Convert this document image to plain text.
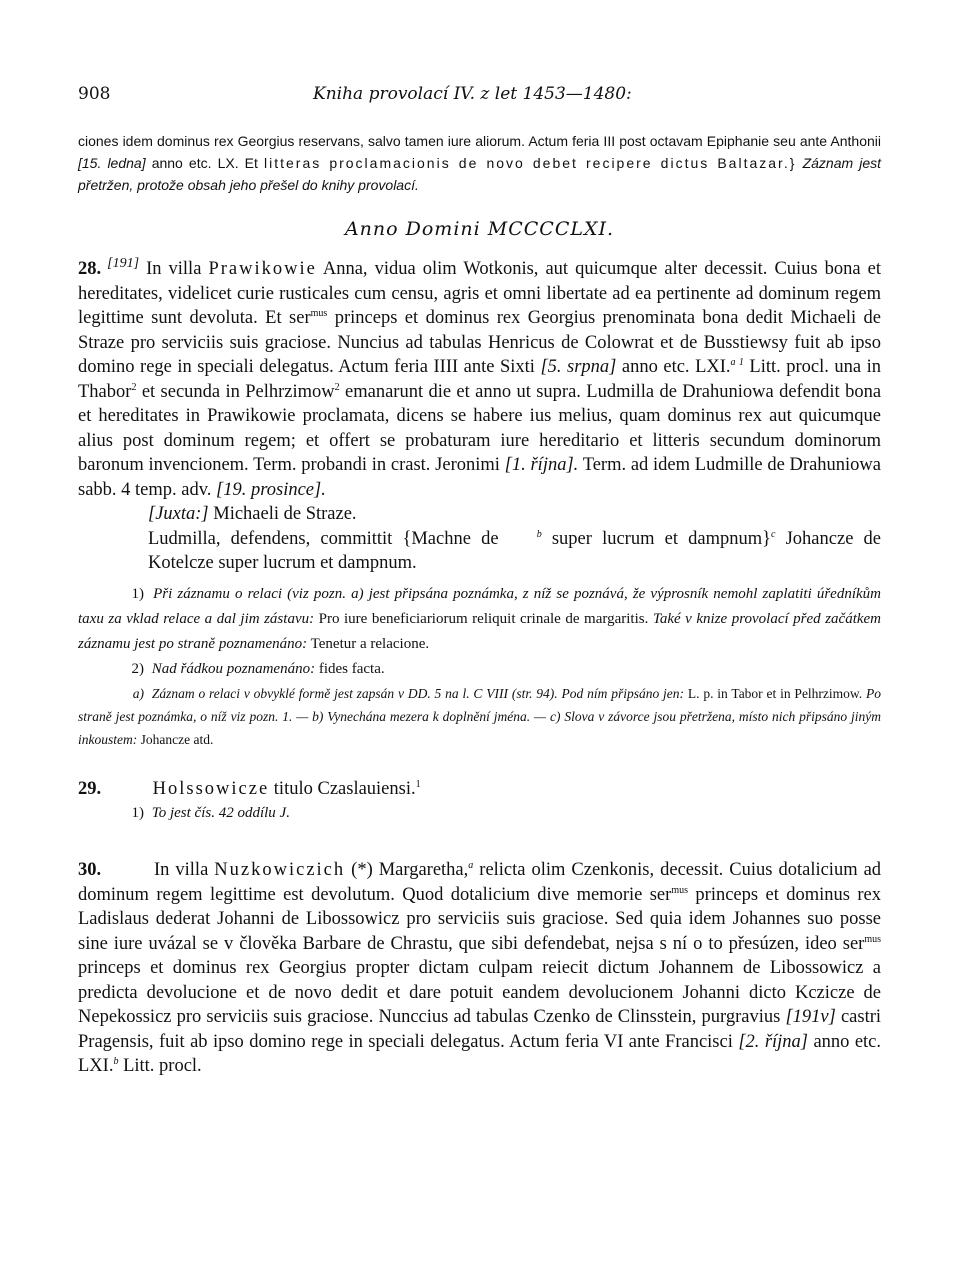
908	Kniha provolací IV. z let 1453—1480:
ciones idem dominus rex Georgius reservans, salvo tamen iure aliorum. Actum feria III post octavam Epiphanie seu ante Anthonii [15. ledna] anno etc. LX. Et litteras proclamacionis de novo debet recipere dictus Baltazar.} Záznam jest přetržen, protože obsah jeho přešel do knihy provolací.
Anno Domini MCCCCLXI.
28. [191] In villa Prawikowie Anna, vidua olim Wotkonis, aut quicumque alter decessit. Cuius bona et hereditates, videlicet curie rusticales cum censu, agris et omni libertate ad ea pertinente ad dominum regem legittime sunt devoluta. Et ser$^{mus}$ princeps et dominus rex Georgius prenominata bona dedit Michaeli de Straze pro serviciis suis graciose. Nuncius ad tabulas Henricus de Colowrat et de Busstiewsy fuit ab ipso domino rege in speciali delegatus. Actum feria IIII ante Sixti [5. srpna] anno etc. LXI.$^{a 1}$ Litt. procl. una in Thabor$^2$ et secunda in Pelhrzimow$^2$ emanarunt die et anno ut supra. Ludmilla de Drahuniowa defendit bona et hereditates in Prawikowie proclamata, dicens se habere ius melius, quam dominus rex aut quicumque alius post dominum regem; et offert se probaturam iure hereditario et litteris secundum dominorum baronum invencionem. Term. probandi in crast. Jeronimi [1. října]. Term. ad idem Ludmille de Drahuniowa sabb. 4 temp. adv. [19. prosince].
[Juxta:] Michaeli de Straze.
Ludmilla, defendens, committit {Machne de	$^b$ super lucrum et dampnum}$^c$ Johancze de Kotelcze super lucrum et dampnum.
1) Při záznamu o relaci (viz pozn. a) jest připsána poznámka, z níž se poznává, že výprosník nemohl zaplatiti úředníkům taxu za vklad relace a dal jim zástavu: Pro iure beneficiariorum reliquit crinale de margaritis. Také v knize provolací před začátkem záznamu jest po straně poznamenáno: Tenetur a relacione.
2) Nad řádkou poznamenáno: fides facta.
a) Záznam o relaci v obvyklé formě jest zapsán v DD. 5 na l. C VIII (str. 94). Pod ním připsáno jen: L. p. in Tabor et in Pelhrzimow. Po straně jest poznámka, o níž viz pozn. 1. — b) Vynechána mezera k doplnění jména. — c) Slova v závorce jsou přetržena, místo nich připsáno jiným inkoustem: Johancze atd.
29.	Holssowicze titulo Czaslauiensi.$^1$
1) To jest čís. 42 oddílu J.
30.	In villa Nuzkowiczich (*) Margaretha,$^a$ relicta olim Czenkonis, decessit. Cuius dotalicium ad dominum regem legittime est devolutum. Quod dotalicium dive memorie ser$^{mus}$ princeps et dominus rex Ladislaus dederat Johanni de Libossowicz pro serviciis suis graciose. Sed quia idem Johannes suo posse sine iure uvázal se v člověka Barbare de Chrastu, que sibi defendebat, nejsa s ní o to přesúzen, ideo ser$^{mus}$ princeps et dominus rex Georgius propter dictam culpam reiecit dictum Johannem de Libossowicz a predicta devolucione et de novo dedit et dare potuit eandem devolucionem Johanni dicto Kczicze de Nepekossicz pro serviciis suis graciose. Nunccius ad tabulas Czenko de Clinsstein, purgravius [191v] castri Pragensis, fuit ab ipso domino rege in speciali delegatus. Actum feria VI ante Francisci [2. října] anno etc. LXI.$^b$ Litt. procl.
